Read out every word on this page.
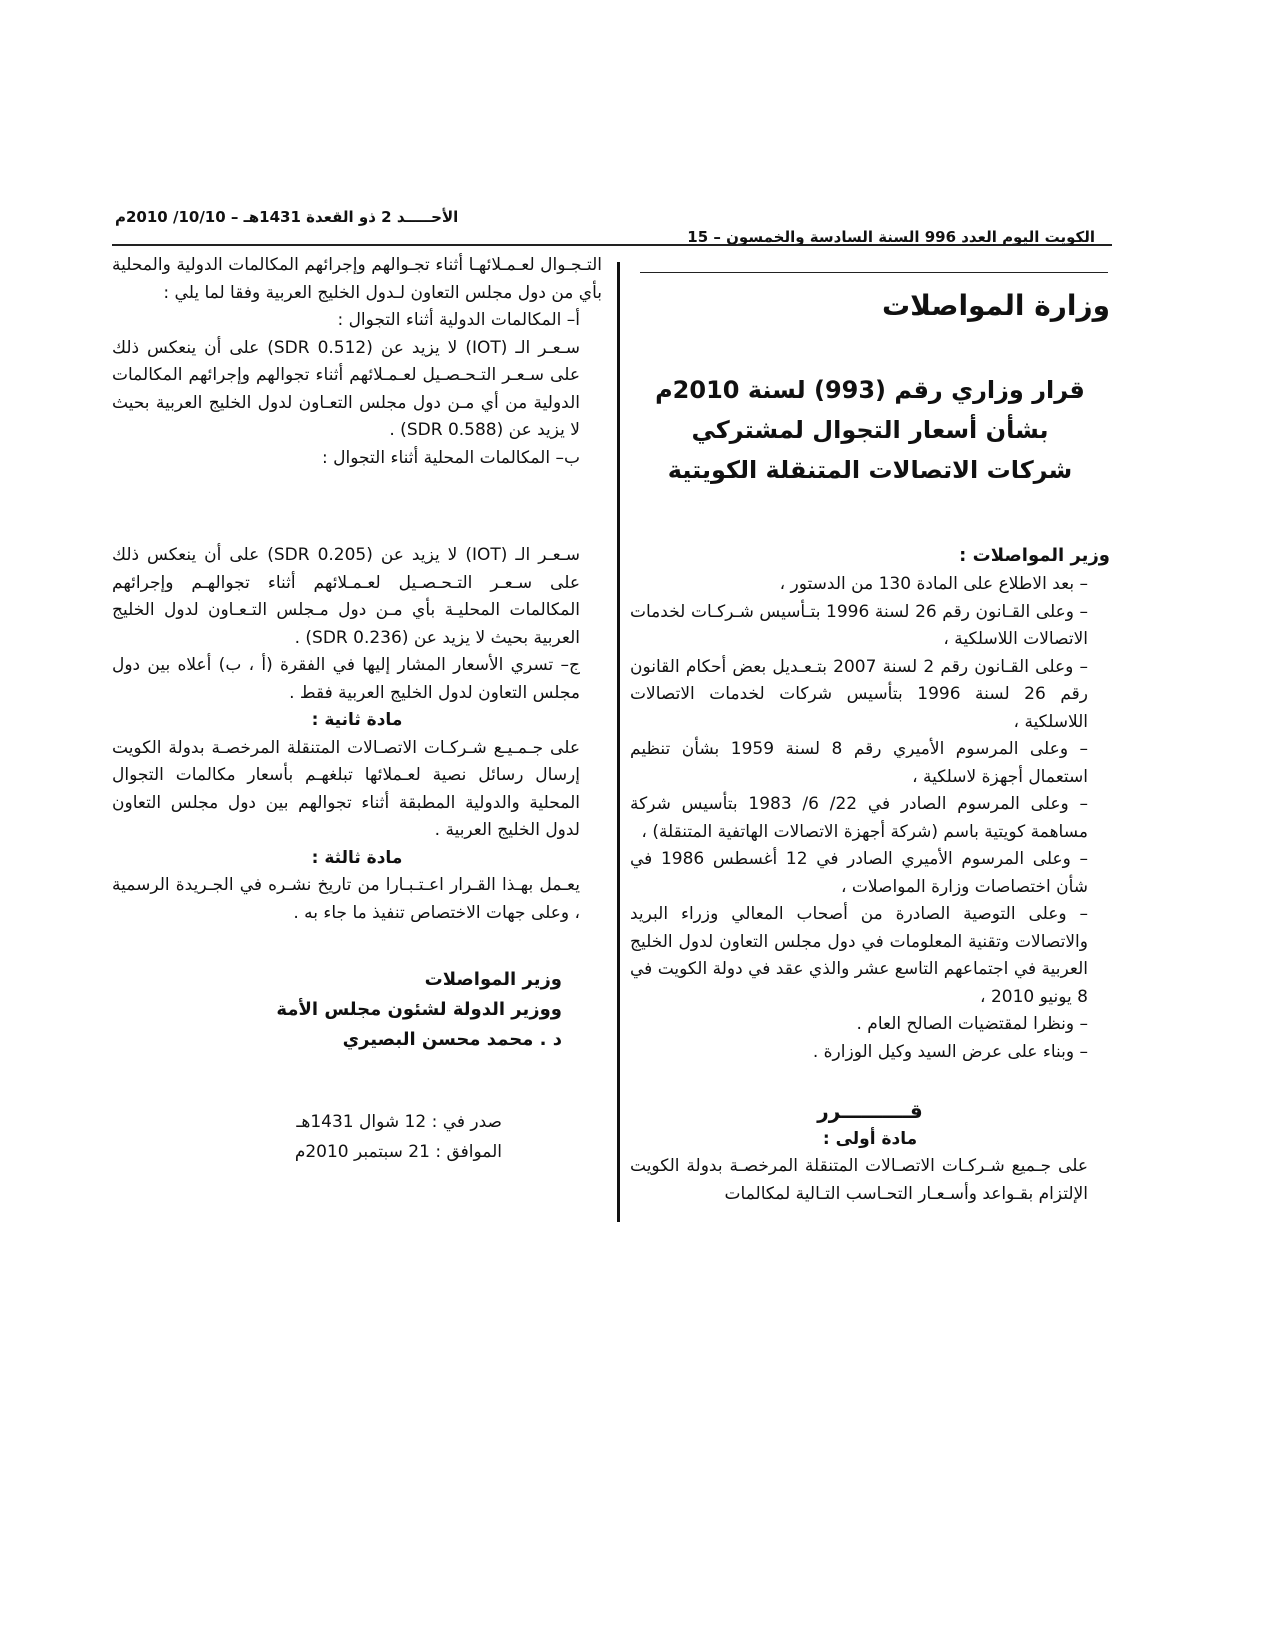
الكويت اليوم العدد 996 السنة السادسة والخمسون – 15
الأحـــــد 2 ذو القعدة 1431هـ – 10/10/ 2010م
وزارة المواصلات
قرار وزاري رقم (993) لسنة 2010م
بشأن أسعار التجوال لمشتركي
شركات الاتصالات المتنقلة الكويتية
وزير المواصلات :

– بعد الاطلاع على المادة 130 من الدستور ،

– وعلى القـانون رقم 26 لسنة 1996 بتـأسيس شـركـات لخدمات الاتصالات اللاسلكية ،

– وعلى القـانون رقم 2 لسنة 2007 بتـعـديل بعض أحكام القانون رقم 26 لسنة 1996 بتأسيس شركات لخدمات الاتصالات اللاسلكية ،

– وعلى المرسوم الأميري رقم 8 لسنة 1959 بشأن تنظيم استعمال أجهزة لاسلكية ،

– وعلى المرسوم الصادر في 22/ 6/ 1983 بتأسيس شركة مساهمة كويتية باسم (شركة أجهزة الاتصالات الهاتفية المتنقلة) ،

– وعلى المرسوم الأميري الصادر في 12 أغسطس 1986 في شأن اختصاصات وزارة المواصلات ،

– وعلى التوصية الصادرة من أصحاب المعالي وزراء البريد والاتصالات وتقنية المعلومات في دول مجلس التعاون لدول الخليج العربية في اجتماعهم التاسع عشر والذي عقد في دولة الكويت في 8 يونيو 2010 ،

– ونظرا لمقتضيات الصالح العام .

– وبناء على عرض السيد وكيل الوزارة .

قــــــــــرر
مادة أولى :

على جـميع شـركـات الاتصـالات المتنقلة المرخصـة بدولة الكويت الإلتزام بقـواعد وأسـعـار التحـاسب التـالية لمكالمات

التـجـوال لعـمـلائهـا أثناء تجـوالهم وإجرائهم المكالمات الدولية والمحلية بأي من دول مجلس التعاون لـدول الخليج العربية وفقا لما يلي :

أ– المكالمات الدولية أثناء التجوال :

سـعـر الـ (IOT) لا يزيد عن (0.512 SDR) على أن ينعكس ذلك على سـعـر التـحـصـيل لعـمـلائهم أثناء تجوالهم وإجرائهم المكالمات الدولية من أي مـن دول مجلس التعـاون لدول الخليج العربية بحيث لا يزيد عن (0.588 SDR) .

ب– المكالمات المحلية أثناء التجوال :

سـعـر الـ (IOT) لا يزيد عن (0.205 SDR) على أن ينعكس ذلك على سـعـر التـحـصـيل لعـمـلائهم أثناء تجوالهـم وإجرائهم المكالمات المحليـة بأي مـن دول مـجلس التـعـاون لدول الخليج العربية بحيث لا يزيد عن (0.236 SDR) .

ج– تسري الأسعار المشار إليها في الفقرة (أ ، ب) أعلاه بين دول مجلس التعاون لدول الخليج العربية فقط .

مادة ثانية :

على جـمـيـع شـركـات الاتصـالات المتنقلة المرخصـة بدولة الكويت إرسال رسائل نصية لعـملائها تبلغهـم بأسعار مكالمات التجوال المحلية والدولية المطبقة أثناء تجوالهم بين دول مجلس التعاون لدول الخليج العربية .

مادة ثالثة :

يعـمل بهـذا القـرار اعـتـبـارا من تاريخ نشـره في الجـريدة الرسمية ، وعلى جهات الاختصاص تنفيذ ما جاء به .

وزير المواصلات
ووزير الدولة لشئون مجلس الأمة
د . محمد محسن البصيري
صدر في : 12 شوال 1431هـ
الموافق : 21 سبتمبر 2010م
